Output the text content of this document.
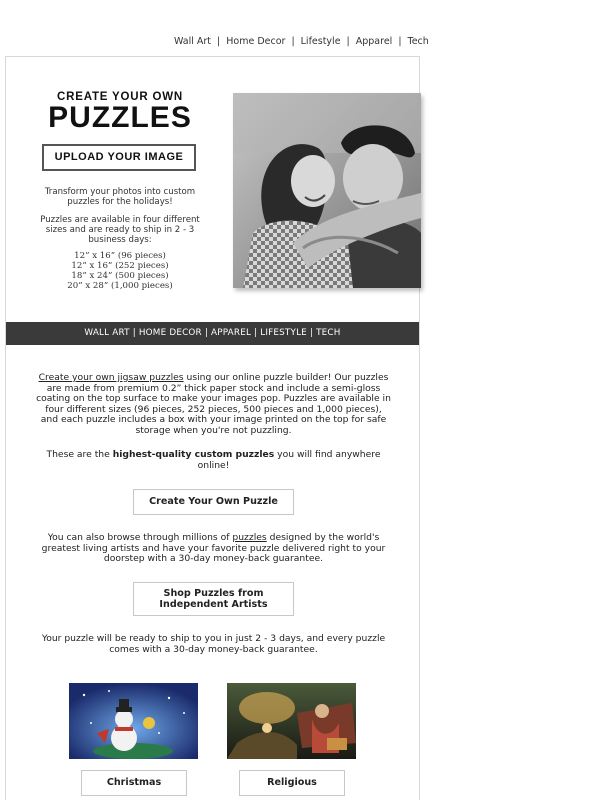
Wall Art | Home Decor | Lifestyle | Apparel | Tech
CREATE YOUR OWN
PUZZLES
UPLOAD YOUR IMAGE
Transform your photos into custom puzzles for the holidays!
Puzzles are available in four different sizes and are ready to ship in 2 - 3 business days:
12” x 16” (96 pieces)
12” x 16” (252 pieces)
18” x 24” (500 pieces)
20” x 28” (1,000 pieces)
WALL ART | HOME DECOR | APPAREL | LIFESTYLE | TECH
Create your own jigsaw puzzles using our online puzzle builder! Our puzzles are made from premium 0.2” thick paper stock and include a semi-gloss coating on the top surface to make your images pop. Puzzles are available in four different sizes (96 pieces, 252 pieces, 500 pieces and 1,000 pieces), and each puzzle includes a box with your image printed on the top for safe storage when you're not puzzling.
These are the highest-quality custom puzzles you will find anywhere online!
Create Your Own Puzzle
You can also browse through millions of puzzles designed by the world's greatest living artists and have your favorite puzzle delivered right to your doorstep with a 30-day money-back guarantee.
Shop Puzzles from
Independent Artists
Your puzzle will be ready to ship to you in just 2 - 3 days, and every puzzle comes with a 30-day money-back guarantee.
Christmas	Religious
